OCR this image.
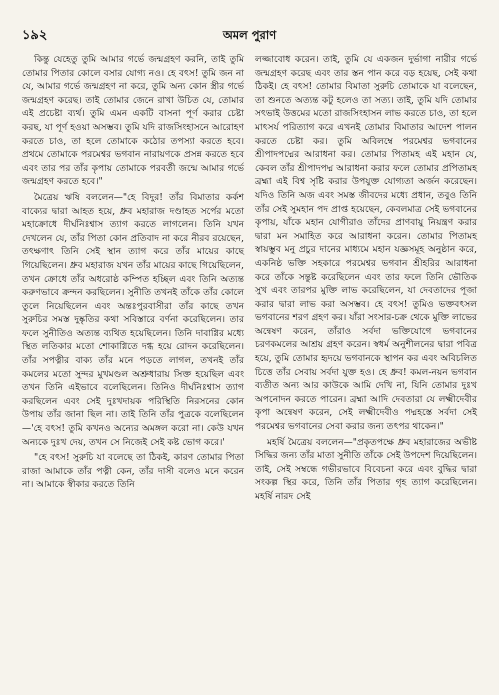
১৯২	অমল পুরাণ

কিন্তু যেহেতু তুমি আমার গর্ভে জন্মগ্রহণ করনি, তাই তুমি তোমার পিতার কোলে বসার যোগ্য নও। হে বৎস! তুমি জন না যে, আমার গর্ভে জন্মগ্রহণ না করে, তুমি অন্য কোন স্ত্রীর গর্ভে জন্মগ্রহণ করেছ। তাই তোমার জেনে রাখা উচিত যে, তোমার এই প্রচেষ্টা ব্যর্থ। তুমি এমন একটি বাসনা পূর্ণ করার চেষ্টা করছ, যা পূর্ণ হওয়া অসম্ভব। তুমি যদি রাজসিংহাসনে আরোহণ করতে চাও, তা হলে তোমাকে কঠোর তপস্যা করতে হবে। প্রথমে তোমাকে পরমেশ্বর ভগবান নারায়ণকে প্রসন্ন করতে হবে এবং তার পর তাঁর কৃপায় তোমাকে পরবর্তী জন্মে আমার গর্ভে জন্মগ্রহণ করতে হবে।"

মৈত্রেয় ঋষি বললেন—"হে বিদুর! তাঁর বিমাতার কর্কশ বাক্যের দ্বারা আহত হয়ে, ধ্রুব মহারাজ দণ্ডাহত সর্পের মতো মহাক্রোধে দীর্ঘনিঃশ্বাস ত্যাগ করতে লাগলেন। তিনি যখন দেখলেন যে, তাঁর পিতা কোন প্রতিবাদ না করে নীরব রয়েছেন, তৎক্ষণাৎ তিনি সেই স্থান ত্যাগ করে তাঁর মায়ের কাছে গিয়েছিলেন। ধ্রুব মহারাজ যখন তাঁর মায়ের কাছে গিয়েছিলেন, তখন ক্রোধে তাঁর অধরোষ্ঠ কম্পিত হচ্ছিল এবং তিনি অত্যন্ত করুণভাবে ক্রন্দন করছিলেন। সুনীতি তখনই তাঁকে তাঁর কোলে তুলে নিয়েছিলেন এবং অন্তঃপুরবাসীরা তাঁর কাছে তখন সুরুচির সমস্ত দুষ্কৃতির কথা সবিস্তারে বর্ণনা করেছিলেন। তার ফলে সুনীতিও অত্যন্ত ব্যথিত হয়েছিলেন। তিনি দাবাগ্নির মধ্যে স্থিত লতিকার মতো শোকাগ্নিতে দগ্ধ হয়ে রোদন করেছিলেন। তাঁর সপত্নীর বাক্য তাঁর মনে পড়তে লাগল, তখনই তাঁর কমলের মতো সুন্দর মুখমণ্ডল অশ্রুধারায় সিক্ত হয়েছিল এবং তখন তিনি এইভাবে বলেছিলেন। তিনিও দীর্ঘনিঃশ্বাস ত্যাগ করছিলেন এবং সেই দুঃখদায়ক পরিস্থিতি নিরসনের কোন উপায় তাঁর জানা ছিল না। তাই তিনি তাঁর পুত্রকে বলেছিলেন—'হে বৎস! তুমি কখনও অন্যের অমঙ্গল করো না। কেউ যখন অন্যকে দুঃখ দেয়, তখন সে নিজেই সেই কষ্ট ভোগ করে।'

"হে বৎস! সুরুচি যা বলেছে তা ঠিকই, কারণ তোমার পিতা রাজা আমাকে তাঁর পত্নী কেন, তাঁর দাসী বলেও মনে করেন না। আমাকে স্বীকার করতে তিনি

লজ্জাবোধ করেন। তাই, তুমি যে একজন দুর্ভাগা নারীর গর্ভে জন্মগ্রহণ করেছ এবং তার স্তন পান করে বড় হয়েছ, সেই কথা ঠিকই। হে বৎস! তোমার বিমাতা সুরুচি তোমাকে যা বলেছেন, তা শুনতে অত্যন্ত কটু হলেও তা সত্য। তাই, তুমি যদি তোমার সৎভাই উত্তমের মতো রাজসিংহাসন লাভ করতে চাও, তা হলে মাৎসর্য পরিত্যাগ করে এখনই তোমার বিমাতার আদেশ পালন করতে চেষ্টা কর। তুমি অবিলম্বে পরমেশ্বর ভগবানের শ্রীপাদপদ্মের আরাধনা কর। তোমার পিতামহ এই মহান যে, কেবল তাঁর শ্রীপাদপদ্ম আরাধনা করার ফলে তোমার প্রপিতামহ ব্রহ্মা এই বিশ্ব সৃষ্টি করার উপযুক্ত যোগ্যতা অর্জন করেছেন। যদিও তিনি অজ এবং সমস্ত জীবদের মধ্যে প্রধান, তবুও তিনি তাঁর সেই সুমহান পদ প্রাপ্ত হয়েছেন, কেবলমাত্র সেই ভগবানের কৃপায়, যাঁকে মহান যোগীরাও তাঁদের প্রাণবায়ু নিয়ন্ত্রণ করার দ্বারা মন সমাহিত করে আরাধনা করেন। তোমার পিতামহ স্বায়ম্ভুব মনু প্রচুর দানের মাধ্যমে মহান যজ্ঞসমূহ অনুষ্ঠান করে, একনিষ্ঠ ভক্তি সহকারে পরমেশ্বর ভগবান শ্রীহরির আরাধনা করে তাঁকে সন্তুষ্ট করেছিলেন এবং তার ফলে তিনি ভৌতিক সুখ এবং তারপর মুক্তি লাভ করেছিলেন, যা দেবতাদের পূজা করার দ্বারা লাভ করা অসম্ভব। হে বৎস! তুমিও ভক্তবৎসল ভগবানের শরণ গ্রহণ কর। যাঁরা সংসার-চক্র থেকে মুক্তি লাভের অন্বেষণ করেন, তাঁরাও সর্বদা ভক্তিযোগে ভগবানের চরণকমলের আশ্রয় গ্রহণ করেন। স্বধর্ম অনুশীলনের দ্বারা পবিত্র হয়ে, তুমি তোমার হৃদয়ে ভগবানকে স্থাপন কর এবং অবিচলিত চিত্তে তাঁর সেবায় সর্বদা যুক্ত হও। হে ধ্রুব! কমল-নয়ন ভগবান ব্যতীত অন্য আর কাউকে আমি দেখি না, যিনি তোমার দুঃখ অপনোদন করতে পারেন। ব্রহ্মা আদি দেবতারা যে লক্ষ্মীদেবীর কৃপা অন্বেষণ করেন, সেই লক্ষ্মীদেবীও পদ্মহস্তে সর্বদা সেই পরমেশ্বর ভগবানের সেবা করার জন্য তৎপর থাকেন।"

মহর্ষি মৈত্রেয় বললেন—"প্রকৃতপক্ষে ধ্রুব মহারাজের অভীষ্ট সিদ্ধির জন্য তাঁর মাতা সুনীতি তাঁকে সেই উপদেশ দিয়েছিলেন। তাই, সেই সম্বন্ধে গভীরভাবে বিবেচনা করে এবং বুদ্ধির দ্বারা সংকল্প স্থির করে, তিনি তাঁর পিতার গৃহ ত্যাগ করেছিলেন। মহর্ষি নারদ সেই
